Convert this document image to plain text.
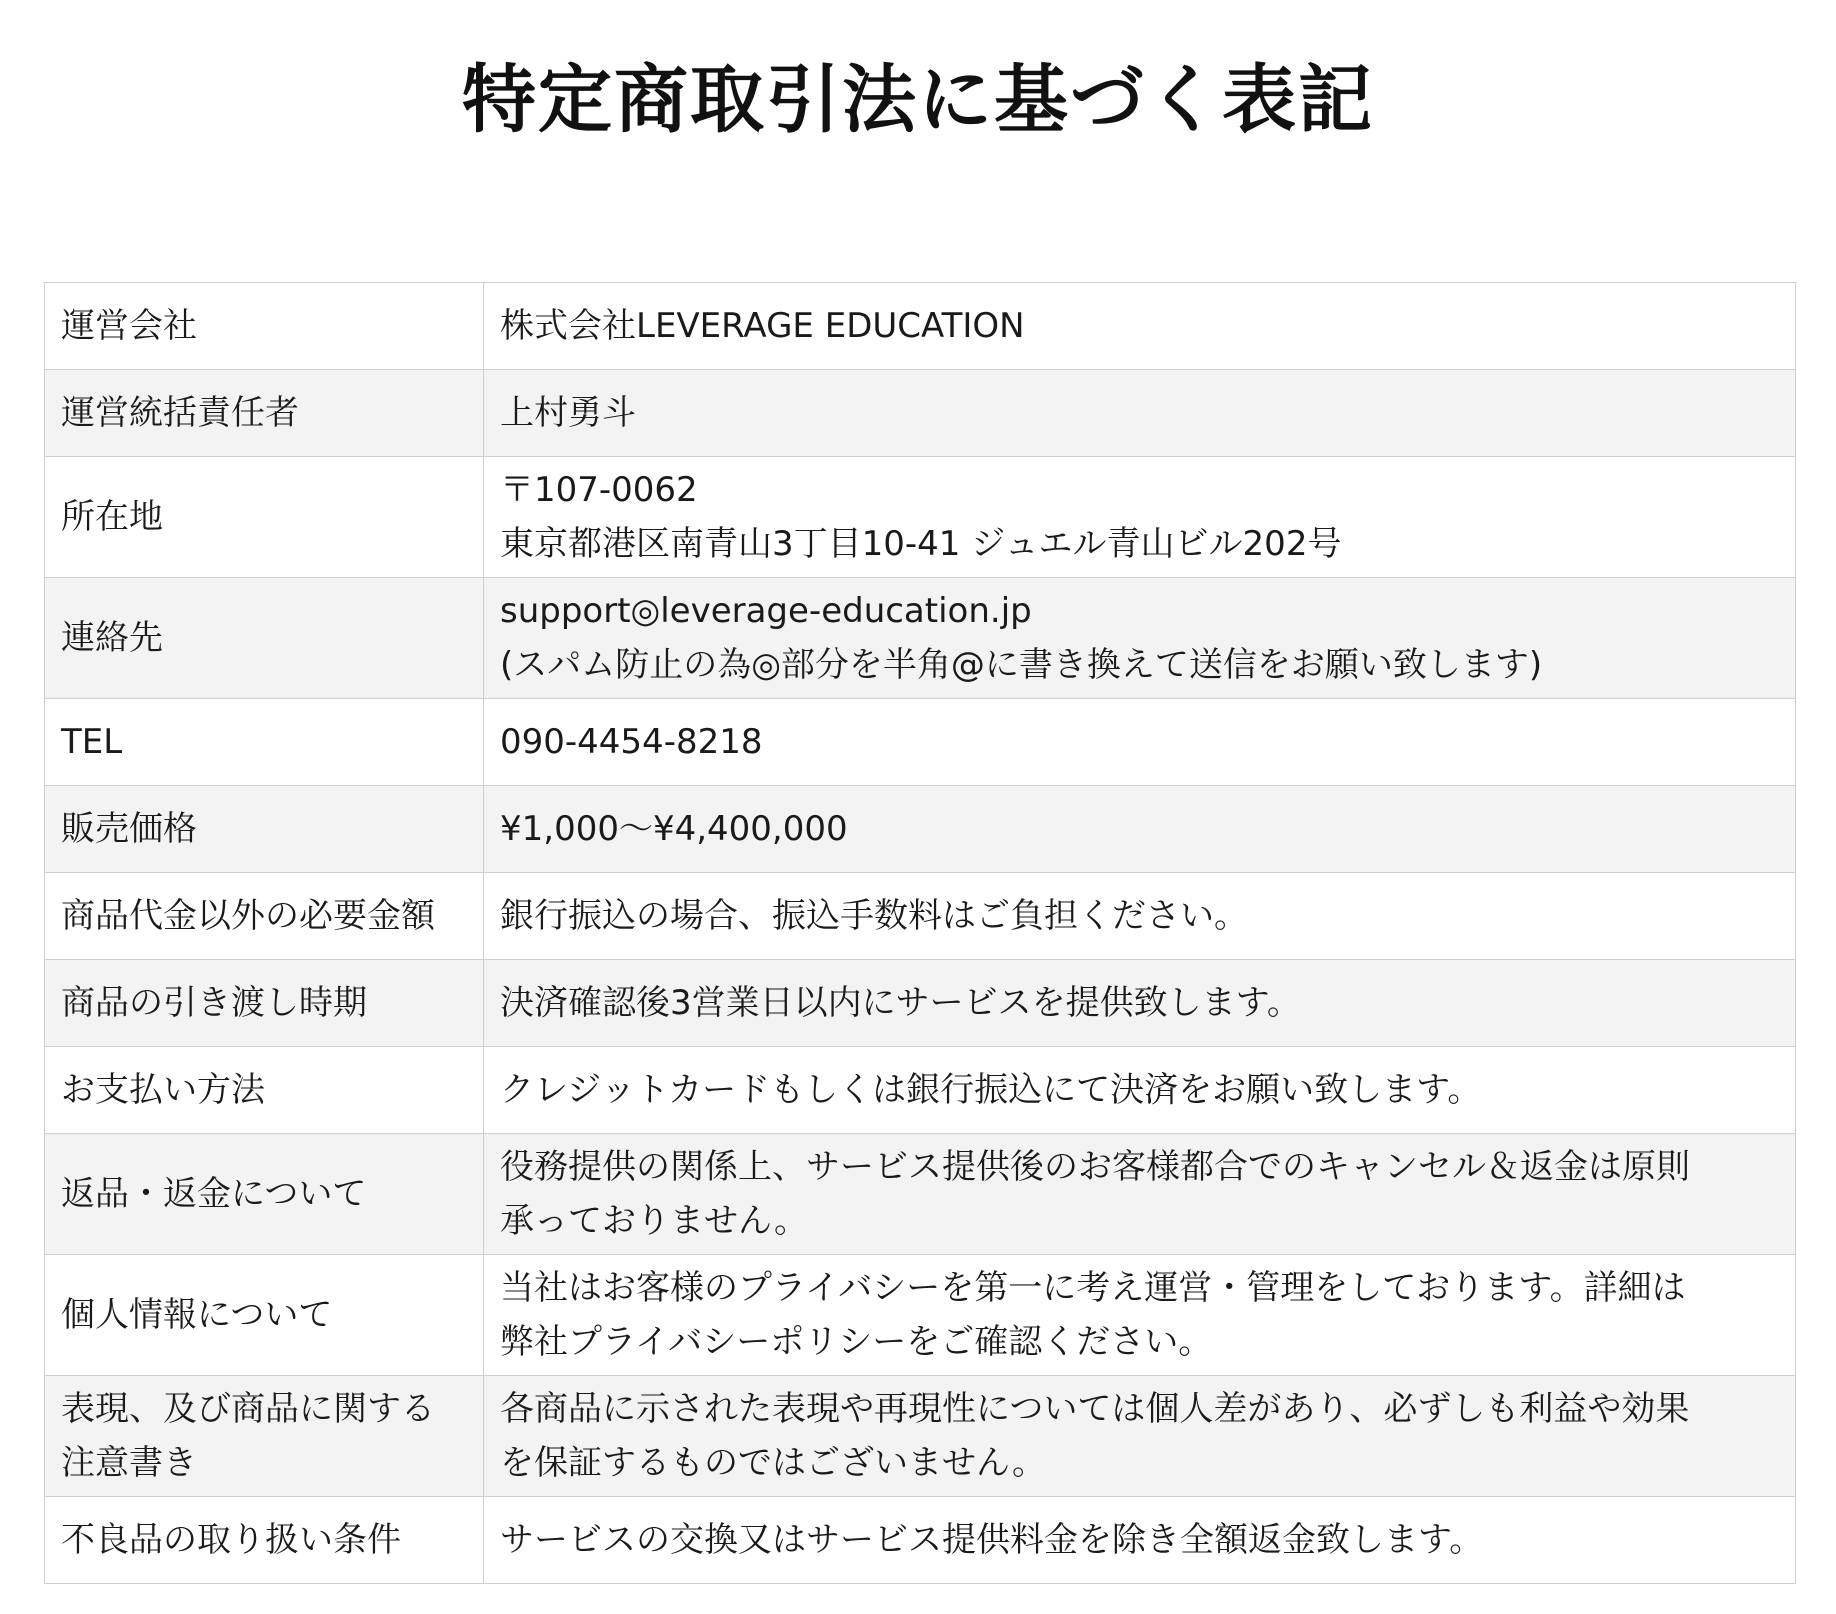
特定商取引法に基づく表記
運営会社	株式会社LEVERAGE EDUCATION

運営統括責任者	上村勇斗

所在地	〒107-0062
東京都港区南青山3丁目10-41 ジュエル青山ビル202号

連絡先	support◎leverage-education.jp
(スパム防止の為◎部分を半角@に書き換えて送信をお願い致します)

TEL	090-4454-8218

販売価格	¥1,000〜¥4,400,000

商品代金以外の必要金額	銀行振込の場合、振込手数料はご負担ください。

商品の引き渡し時期	決済確認後3営業日以内にサービスを提供致します。

お支払い方法	クレジットカードもしくは銀行振込にて決済をお願い致します。

返品・返金について	役務提供の関係上、サービス提供後のお客様都合でのキャンセル＆返金は原則
承っておりません。

個人情報について	当社はお客様のプライバシーを第一に考え運営・管理をしております。詳細は
弊社プライバシーポリシーをご確認ください。

表現、及び商品に関する
注意書き	各商品に示された表現や再現性については個人差があり、必ずしも利益や効果
を保証するものではございません。

不良品の取り扱い条件	サービスの交換又はサービス提供料金を除き全額返金致します。
